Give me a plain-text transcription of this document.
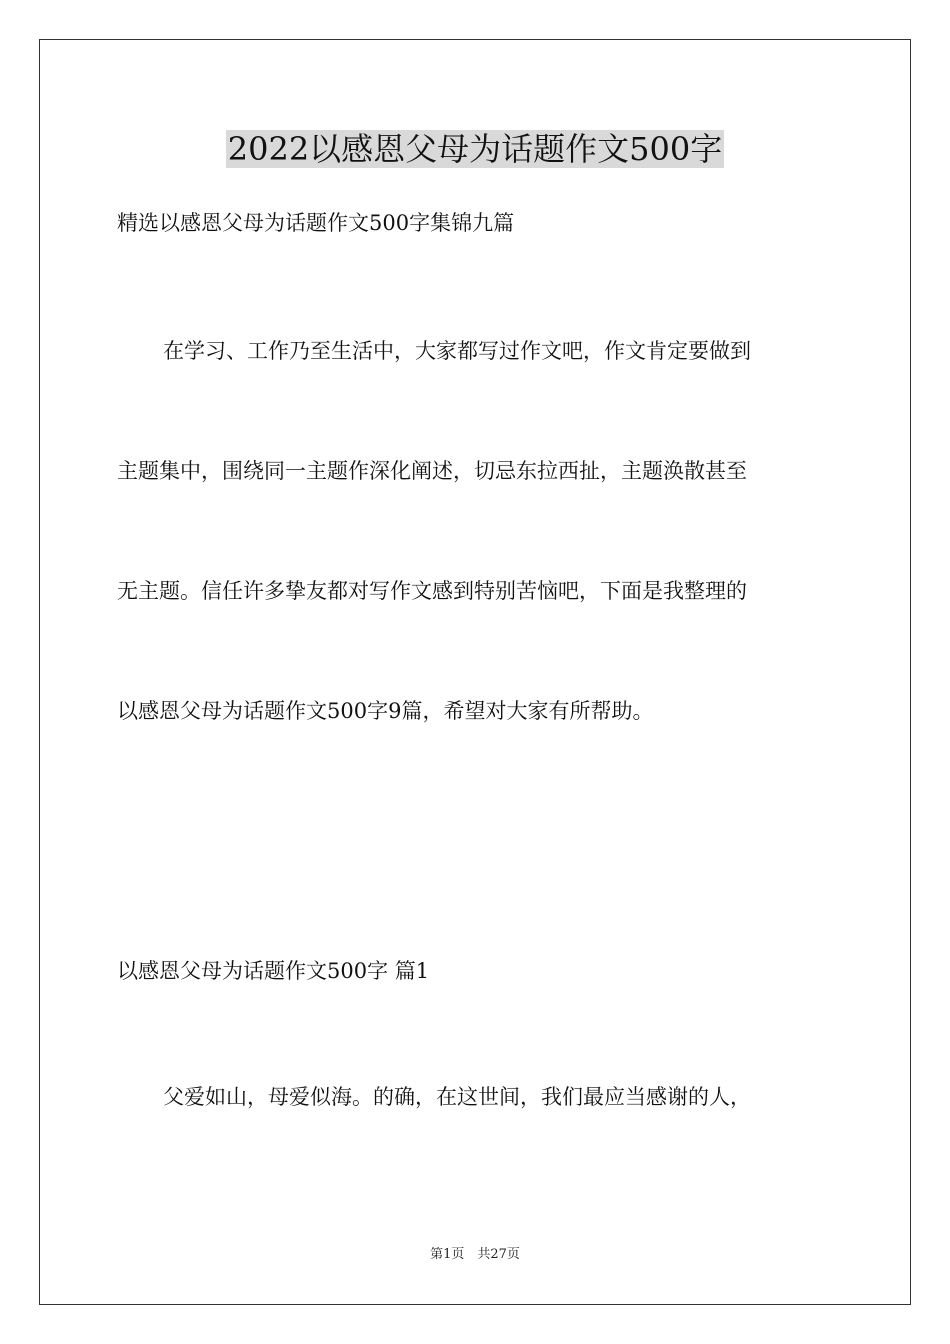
2022以感恩父母为话题作文500字
精选以感恩父母为话题作文500字集锦九篇
在学习、工作乃至生活中，大家都写过作文吧，作文肯定要做到
主题集中，围绕同一主题作深化阐述，切忌东拉西扯，主题涣散甚至
无主题。信任许多挚友都对写作文感到特别苦恼吧，下面是我整理的
以感恩父母为话题作文500字9篇，希望对大家有所帮助。
以感恩父母为话题作文500字 篇1
父爱如山，母爱似海。的确，在这世间，我们最应当感谢的人，
第1页　共27页
